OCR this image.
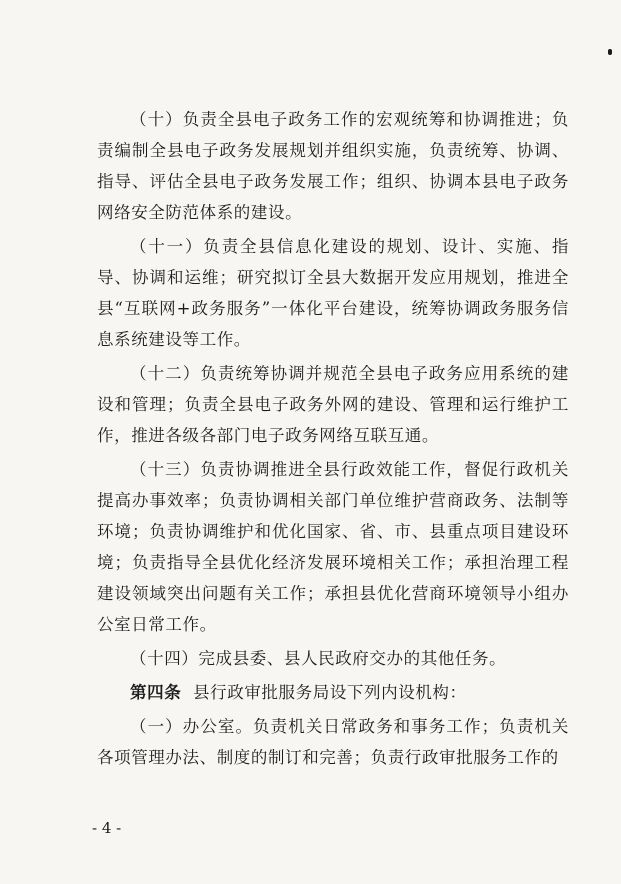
（十）负责全县电子政务工作的宏观统筹和协调推进；负责编制全县电子政务发展规划并组织实施，负责统筹、协调、指导、评估全县电子政务发展工作；组织、协调本县电子政务网络安全防范体系的建设。

（十一）负责全县信息化建设的规划、设计、实施、指导、协调和运维；研究拟订全县大数据开发应用规划，推进全县“互联网+政务服务”一体化平台建设，统筹协调政务服务信息系统建设等工作。

（十二）负责统筹协调并规范全县电子政务应用系统的建设和管理；负责全县电子政务外网的建设、管理和运行维护工作，推进各级各部门电子政务网络互联互通。

（十三）负责协调推进全县行政效能工作，督促行政机关提高办事效率；负责协调相关部门单位维护营商政务、法制等环境；负责协调维护和优化国家、省、市、县重点项目建设环境；负责指导全县优化经济发展环境相关工作；承担治理工程建设领域突出问题有关工作；承担县优化营商环境领导小组办公室日常工作。

（十四）完成县委、县人民政府交办的其他任务。

第四条 县行政审批服务局设下列内设机构：

（一）办公室。负责机关日常政务和事务工作；负责机关各项管理办法、制度的制订和完善；负责行政审批服务工作的

- 4 -
